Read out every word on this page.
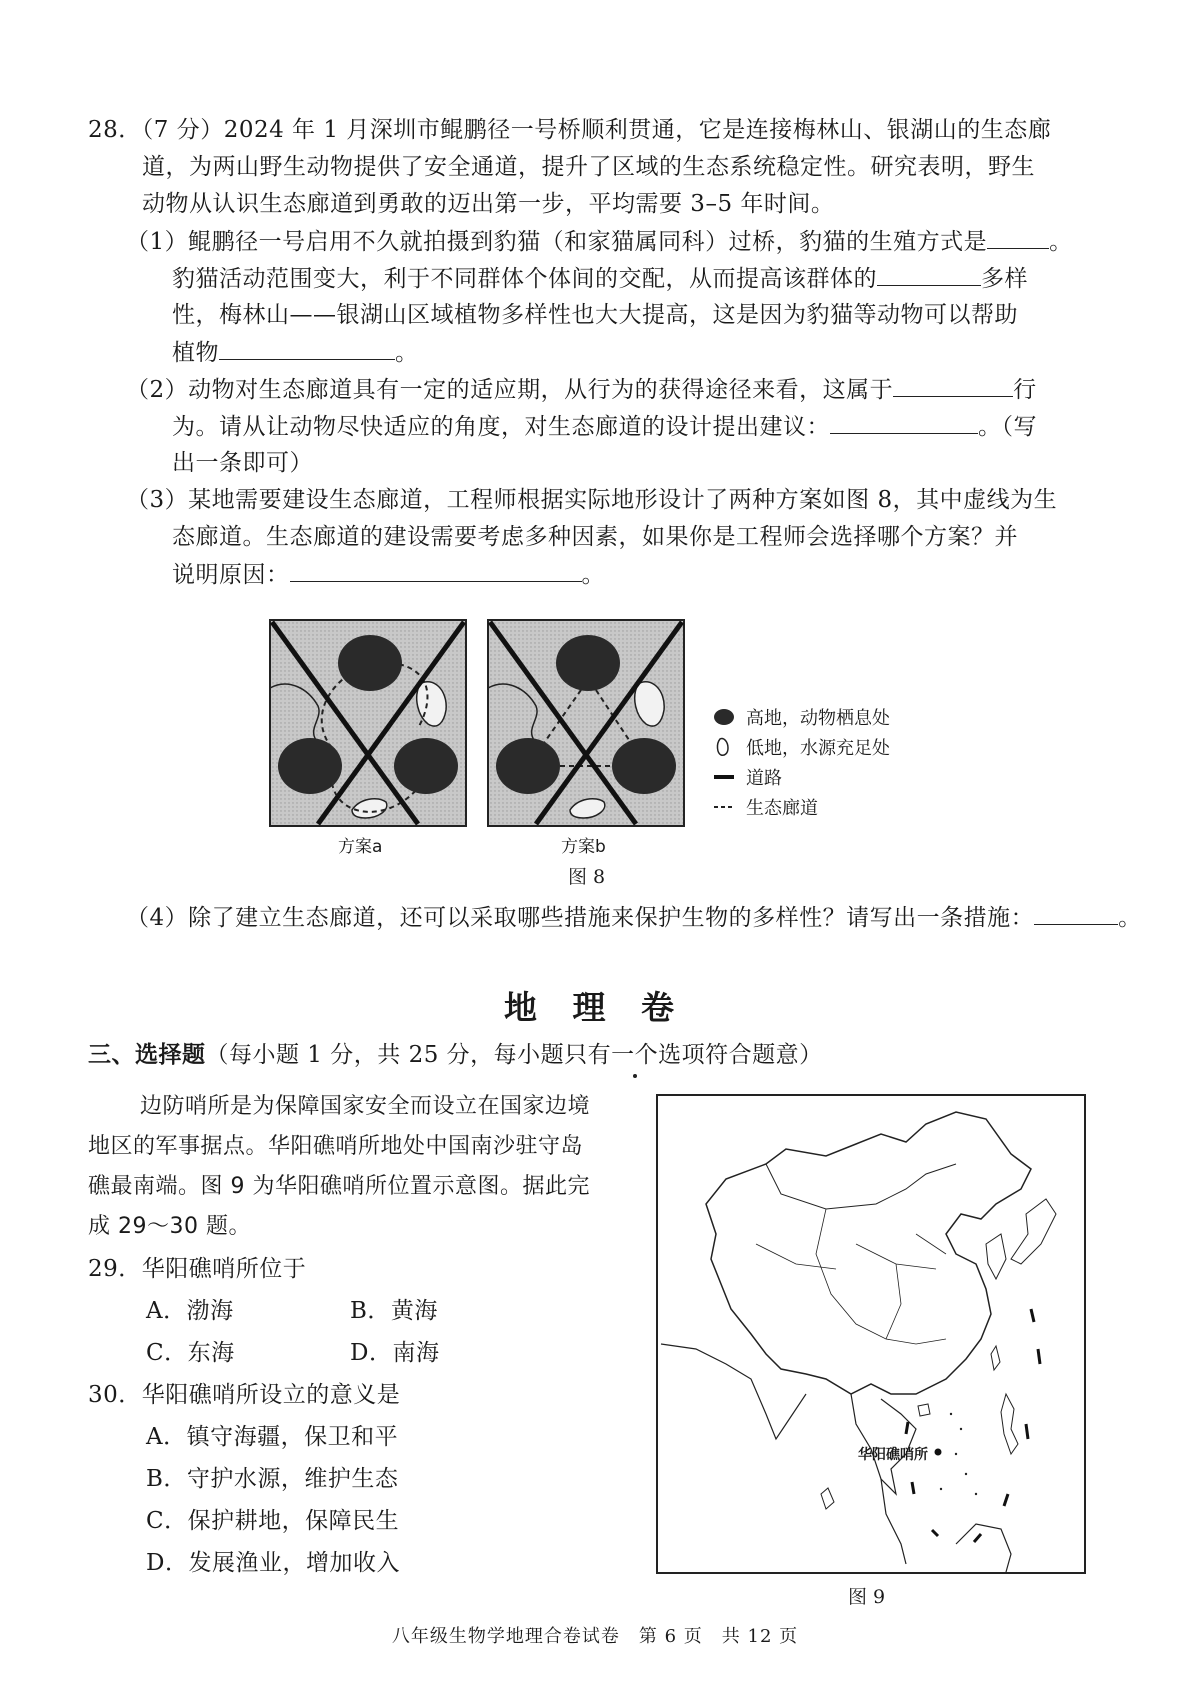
28．（7 分）2024 年 1 月深圳市鲲鹏径一号桥顺利贯通，它是连接梅林山、银湖山的生态廊
道，为两山野生动物提供了安全通道，提升了区域的生态系统稳定性。研究表明，野生
动物从认识生态廊道到勇敢的迈出第一步，平均需要 3–5 年时间。
（1）鲲鹏径一号启用不久就拍摄到豹猫（和家猫属同科）过桥，豹猫的生殖方式是	。
豹猫活动范围变大，利于不同群体个体间的交配，从而提高该群体的	多样
性，梅林山——银湖山区域植物多样性也大大提高，这是因为豹猫等动物可以帮助
植物	。
（2）动物对生态廊道具有一定的适应期，从行为的获得途径来看，这属于	行
为。请从让动物尽快适应的角度，对生态廊道的设计提出建议：	。（写
出一条即可）
（3）某地需要建设生态廊道，工程师根据实际地形设计了两种方案如图 8，其中虚线为生
态廊道。生态廊道的建设需要考虑多种因素，如果你是工程师会选择哪个方案？并
说明原因：	。
方案a	方案b
图 8
高地，动物栖息处
低地，水源充足处
道路
生态廊道
（4）除了建立生态廊道，还可以采取哪些措施来保护生物的多样性？请写出一条措施：	。
地 理 卷
三、选择题（每小题 1 分，共 25 分，每小题只有一个选项符合题意）
边防哨所是为保障国家安全而设立在国家边境
地区的军事据点。华阳礁哨所地处中国南沙驻守岛
礁最南端。图 9 为华阳礁哨所位置示意图。据此完
成 29～30 题。
29．华阳礁哨所位于
A．渤海	B．黄海
C．东海	D．南海
30．华阳礁哨所设立的意义是
A．镇守海疆，保卫和平
B．守护水源，维护生态
C．保护耕地，保障民生
D．发展渔业，增加收入
华阳礁哨所
图 9
八年级生物学地理合卷试卷　第 6 页　共 12 页
